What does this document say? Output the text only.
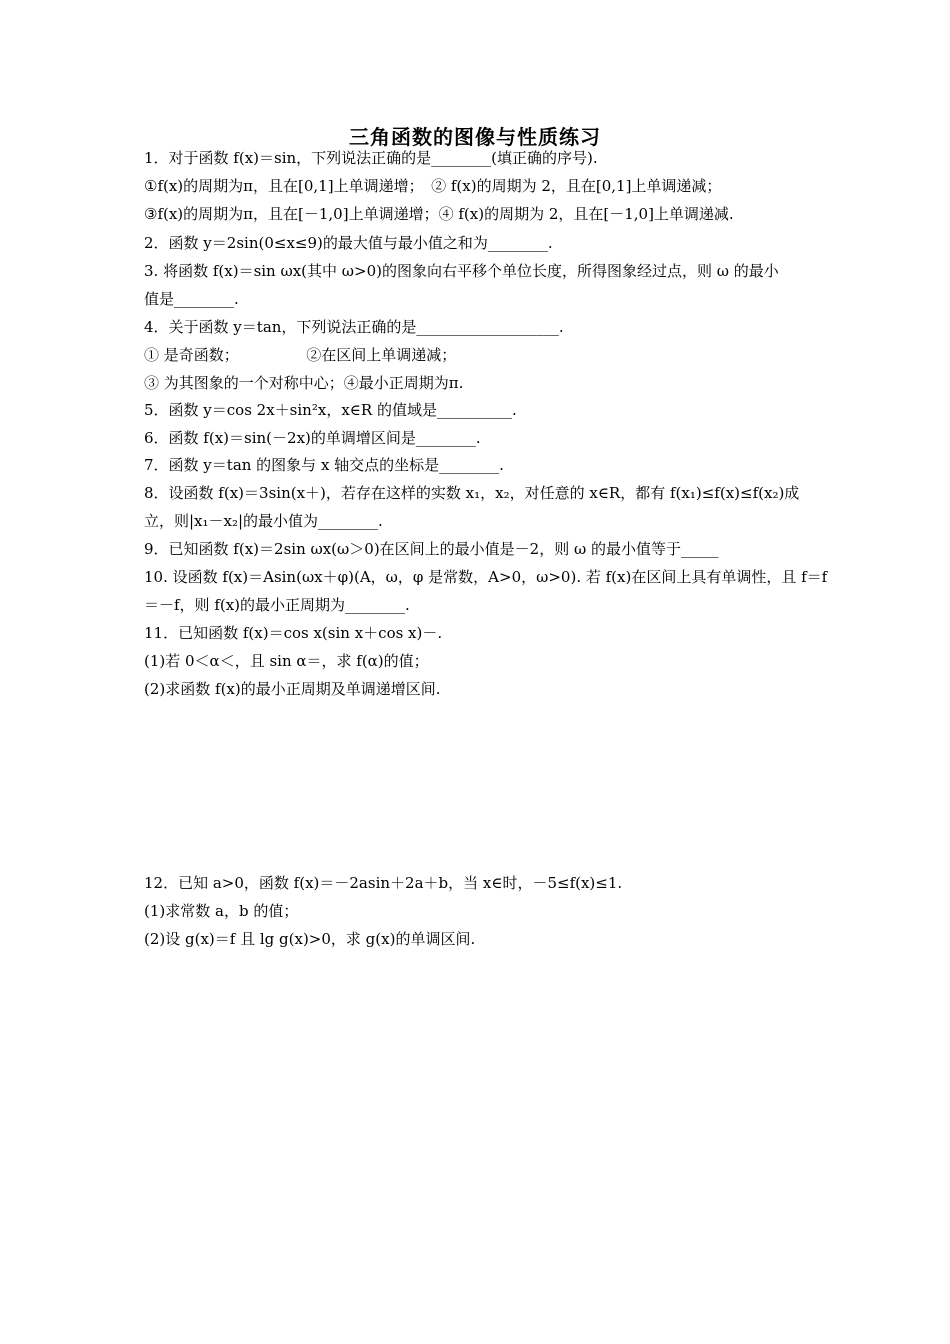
三角函数的图像与性质练习
1．对于函数 f(x)＝sin，下列说法正确的是________(填正确的序号).
①f(x)的周期为π，且在[0,1]上单调递增；　② f(x)的周期为 2，且在[0,1]上单调递减；
③f(x)的周期为π，且在[－1,0]上单调递增；④ f(x)的周期为 2，且在[－1,0]上单调递减.
2．函数 y＝2sin(0≤x≤9)的最大值与最小值之和为________.
3. 将函数 f(x)＝sin ωx(其中 ω>0)的图象向右平移个单位长度，所得图象经过点，则 ω 的最小
值是________.
4．关于函数 y＝tan，下列说法正确的是___________________.
① 是奇函数；　　　　　②在区间上单调递减；
③ 为其图象的一个对称中心；④最小正周期为π.
5．函数 y＝cos 2x＋sin²x，x∈R 的值域是__________.
6．函数 f(x)＝sin(－2x)的单调增区间是________.
7．函数 y＝tan 的图象与 x 轴交点的坐标是________.
8．设函数 f(x)＝3sin(x＋)，若存在这样的实数 x₁，x₂，对任意的 x∈R，都有 f(x₁)≤f(x)≤f(x₂)成
立，则|x₁－x₂|的最小值为________.
9．已知函数 f(x)＝2sin ωx(ω＞0)在区间上的最小值是－2，则 ω 的最小值等于_____
10. 设函数 f(x)＝Asin(ωx＋φ)(A，ω，φ 是常数，A>0，ω>0). 若 f(x)在区间上具有单调性，且 f＝f
＝－f，则 f(x)的最小正周期为________.
11．已知函数 f(x)＝cos x(sin x＋cos x)－.
(1)若 0＜α＜，且 sin α＝，求 f(α)的值；
(2)求函数 f(x)的最小正周期及单调递增区间.
12．已知 a>0，函数 f(x)＝－2asin＋2a＋b，当 x∈时，－5≤f(x)≤1.
(1)求常数 a，b 的值；
(2)设 g(x)＝f 且 lg g(x)>0，求 g(x)的单调区间.
